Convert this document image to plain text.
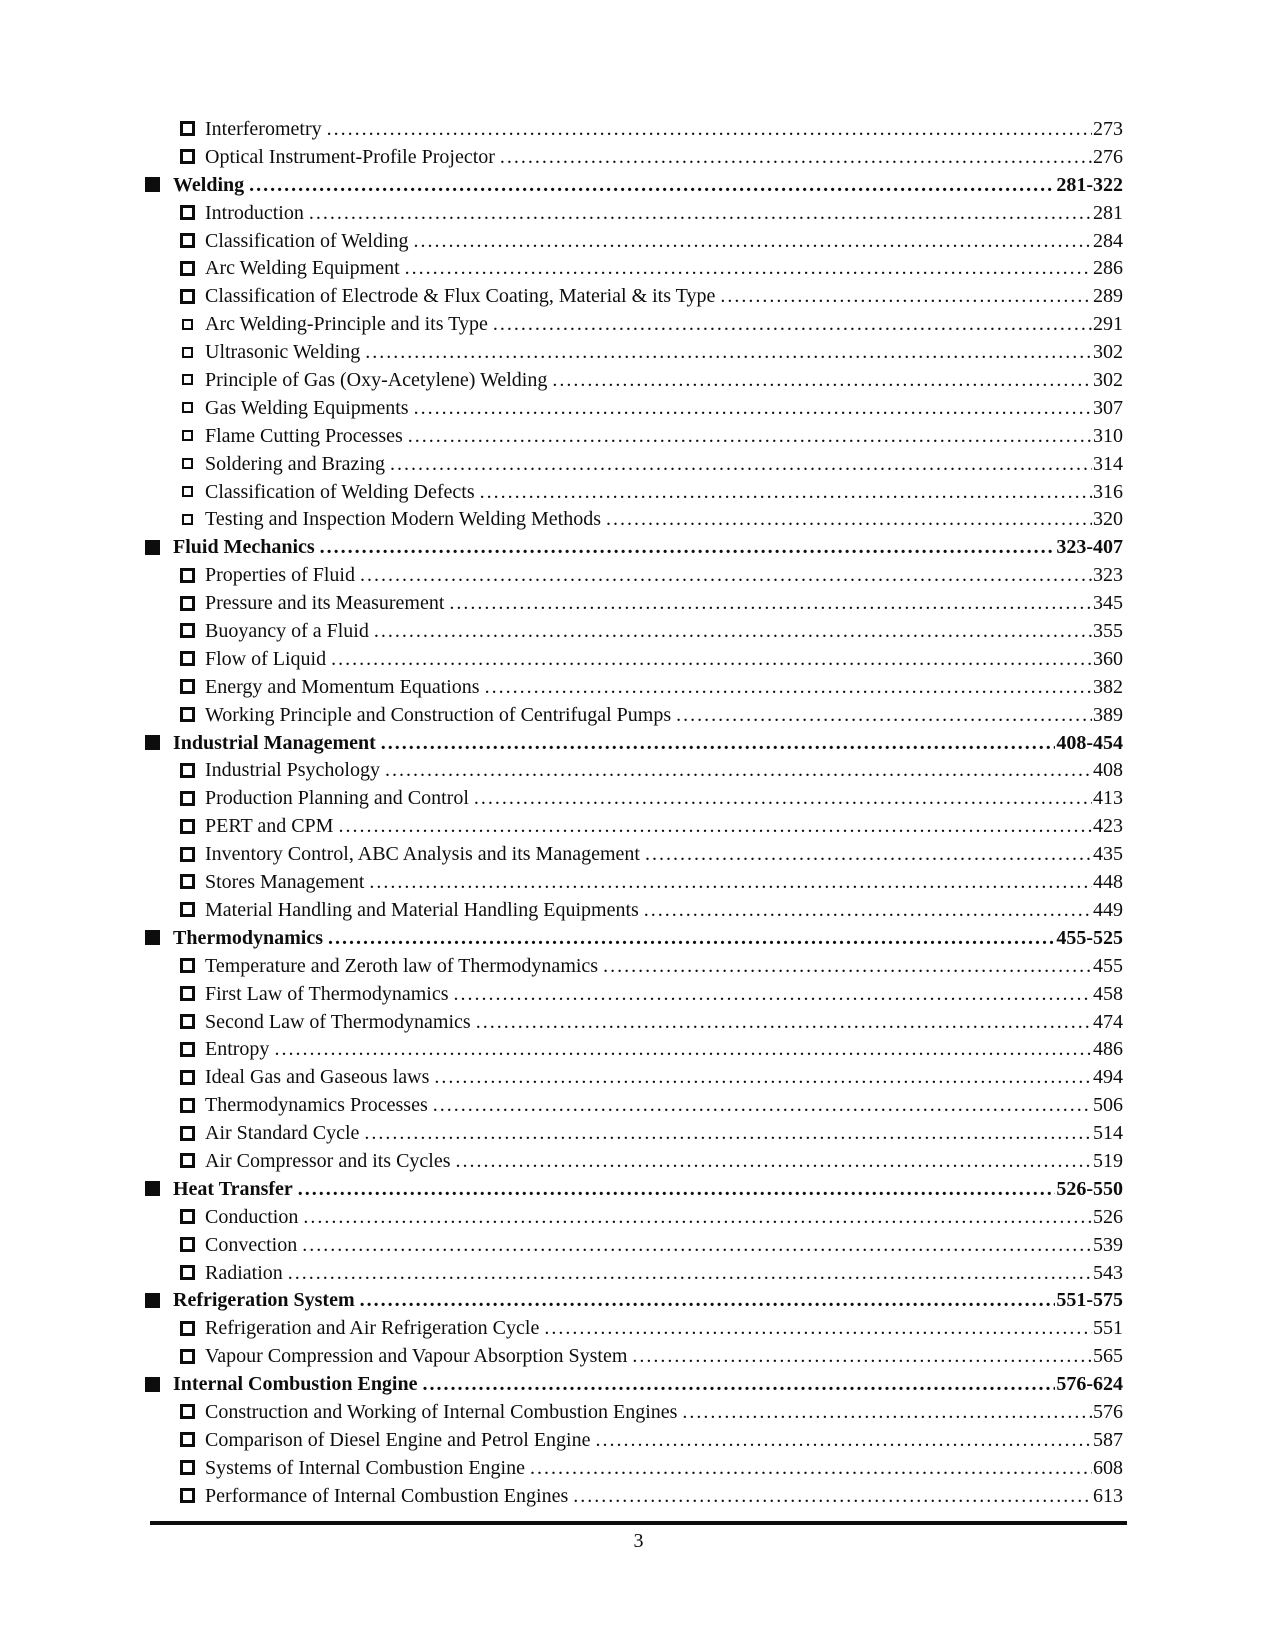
Interferometry .....	273
Optical Instrument-Profile Projector .....	276
Welding .....	281-322
Introduction .....	281
Classification of Welding .....	284
Arc Welding Equipment .....	286
Classification of Electrode & Flux Coating, Material & its Type .....	289
Arc Welding-Principle and its Type .....	291
Ultrasonic Welding .....	302
Principle of Gas (Oxy-Acetylene) Welding .....	302
Gas Welding Equipments .....	307
Flame Cutting Processes .....	310
Soldering and Brazing .....	314
Classification of Welding Defects .....	316
Testing and Inspection Modern Welding Methods .....	320
Fluid Mechanics .....	323-407
Properties of Fluid .....	323
Pressure and its Measurement .....	345
Buoyancy of a Fluid .....	355
Flow of Liquid .....	360
Energy and Momentum Equations .....	382
Working Principle and Construction of Centrifugal Pumps .....	389
Industrial Management .....	408-454
Industrial Psychology .....	408
Production Planning and Control .....	413
PERT and CPM .....	423
Inventory Control, ABC Analysis and its Management .....	435
Stores Management .....	448
Material Handling and Material Handling Equipments .....	449
Thermodynamics .....	455-525
Temperature and Zeroth law of Thermodynamics .....	455
First Law of Thermodynamics .....	458
Second Law of Thermodynamics .....	474
Entropy .....	486
Ideal Gas and Gaseous laws .....	494
Thermodynamics Processes .....	506
Air Standard Cycle .....	514
Air Compressor and its Cycles .....	519
Heat Transfer .....	526-550
Conduction .....	526
Convection .....	539
Radiation .....	543
Refrigeration System .....	551-575
Refrigeration and Air Refrigeration Cycle .....	551
Vapour Compression and Vapour Absorption System .....	565
Internal Combustion Engine .....	576-624
Construction and Working of Internal Combustion Engines .....	576
Comparison of Diesel Engine and Petrol Engine .....	587
Systems of Internal Combustion Engine .....	608
Performance of Internal Combustion Engines .....	613
3
